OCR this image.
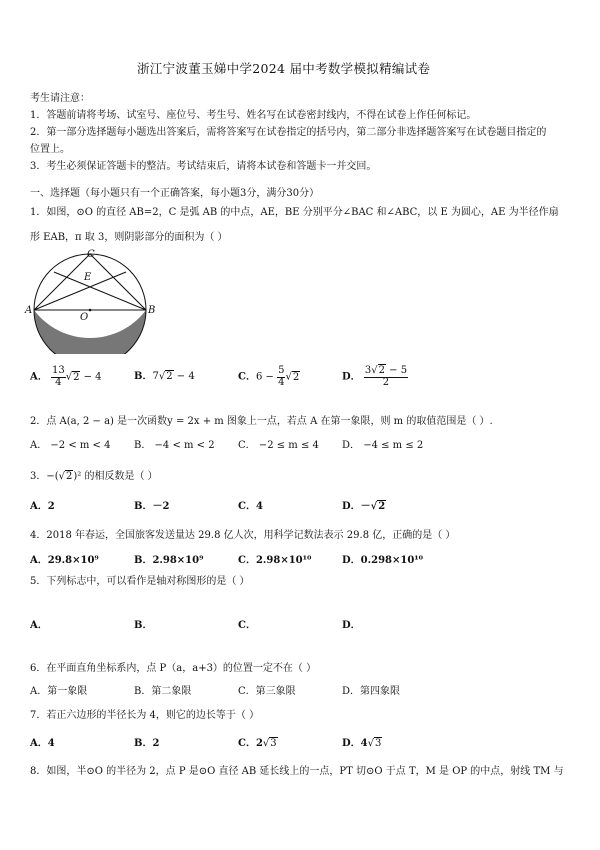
浙江宁波董玉娣中学2024 届中考数学模拟精编试卷
考生请注意：
1．答题前请将考场、试室号、座位号、考生号、姓名写在试卷密封线内，不得在试卷上作任何标记。
2．第一部分选择题每小题选出答案后，需将答案写在试卷指定的括号内，第二部分非选择题答案写在试卷题目指定的
位置上。
3．考生必须保证答题卡的整洁。考试结束后，请将本试卷和答题卡一并交回。
一、选择题（每小题只有一个正确答案，每小题3分，满分30分）
1．如图，⊙O 的直径 AB=2，C 是弧 AB 的中点，AE，BE 分别平分∠BAC 和∠ABC，以 E 为圆心，AE 为半径作扇
形 EAB，π 取 3，则阴影部分的面积为（ ）
C
E
A
O
B
A． $\frac{13}{4} √2 - 4$	B．7√2 − 4	C．$6 - \frac{5}{4} √2$	D． $\frac{3√2 - 5}{2}$
2．点 A(a, 2 − a) 是一次函数y = 2x + m 图象上一点，若点 A 在第一象限，则 m 的取值范围是（ ）.
A． −2 < m < 4 B． −4 < m < 2 C． −2 ≤ m ≤ 4 D． −4 ≤ m ≤ 2
3．−(√2)² 的相反数是（ ）
A．2	B．－2	C．4	D．－√2
4．2018 年春运，全国旅客发送量达 29.8 亿人次，用科学记数法表示 29.8 亿，正确的是（ ）
A．29.8×10⁹	B．2.98×10⁹	C．2.98×10¹⁰	D．0.298×10¹⁰
5．下列标志中，可以看作是轴对称图形的是（ ）
A．	B．	C．	D．
6．在平面直角坐标系内，点 P（a，a+3）的位置一定不在（ ）
A．第一象限	B．第二象限	C．第三象限	D．第四象限
7．若正六边形的半径长为 4，则它的边长等于（ ）
A．4	B．2	C．2√3	D．4√3
8．如图，半⊙O 的半径为 2，点 P 是⊙O 直径 AB 延长线上的一点，PT 切⊙O 于点 T，M 是 OP 的中点，射线 TM 与
